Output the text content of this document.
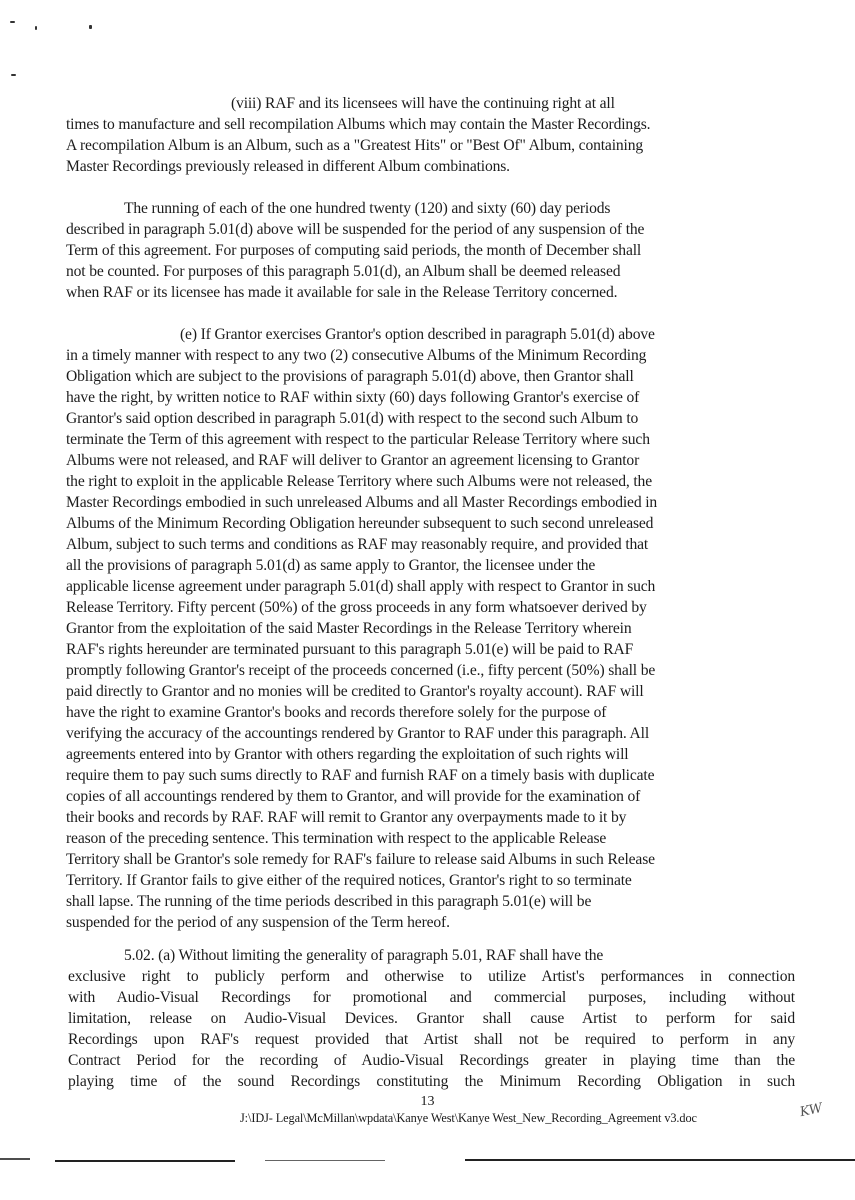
(viii) RAF and its licensees will have the continuing right at all
times to manufacture and sell recompilation Albums which may contain the Master Recordings.
A recompilation Album is an Album, such as a "Greatest Hits" or "Best Of" Album, containing
Master Recordings previously released in different Album combinations.
The running of each of the one hundred twenty (120) and sixty (60) day periods
described in paragraph 5.01(d) above will be suspended for the period of any suspension of the
Term of this agreement. For purposes of computing said periods, the month of December shall
not be counted. For purposes of this paragraph 5.01(d), an Album shall be deemed released
when RAF or its licensee has made it available for sale in the Release Territory concerned.
(e) If Grantor exercises Grantor's option described in paragraph 5.01(d) above
in a timely manner with respect to any two (2) consecutive Albums of the Minimum Recording
Obligation which are subject to the provisions of paragraph 5.01(d) above, then Grantor shall
have the right, by written notice to RAF within sixty (60) days following Grantor's exercise of
Grantor's said option described in paragraph 5.01(d) with respect to the second such Album to
terminate the Term of this agreement with respect to the particular Release Territory where such
Albums were not released, and RAF will deliver to Grantor an agreement licensing to Grantor
the right to exploit in the applicable Release Territory where such Albums were not released, the
Master Recordings embodied in such unreleased Albums and all Master Recordings embodied in
Albums of the Minimum Recording Obligation hereunder subsequent to such second unreleased
Album, subject to such terms and conditions as RAF may reasonably require, and provided that
all the provisions of paragraph 5.01(d) as same apply to Grantor, the licensee under the
applicable license agreement under paragraph 5.01(d) shall apply with respect to Grantor in such
Release Territory. Fifty percent (50%) of the gross proceeds in any form whatsoever derived by
Grantor from the exploitation of the said Master Recordings in the Release Territory wherein
RAF's rights hereunder are terminated pursuant to this paragraph 5.01(e) will be paid to RAF
promptly following Grantor's receipt of the proceeds concerned (i.e., fifty percent (50%) shall be
paid directly to Grantor and no monies will be credited to Grantor's royalty account). RAF will
have the right to examine Grantor's books and records therefore solely for the purpose of
verifying the accuracy of the accountings rendered by Grantor to RAF under this paragraph. All
agreements entered into by Grantor with others regarding the exploitation of such rights will
require them to pay such sums directly to RAF and furnish RAF on a timely basis with duplicate
copies of all accountings rendered by them to Grantor, and will provide for the examination of
their books and records by RAF. RAF will remit to Grantor any overpayments made to it by
reason of the preceding sentence. This termination with respect to the applicable Release
Territory shall be Grantor's sole remedy for RAF's failure to release said Albums in such Release
Territory. If Grantor fails to give either of the required notices, Grantor's right to so terminate
shall lapse. The running of the time periods described in this paragraph 5.01(e) will be
suspended for the period of any suspension of the Term hereof.
5.02. (a) Without limiting the generality of paragraph 5.01, RAF shall have the
exclusive right to publicly perform and otherwise to utilize Artist's performances in connection
with Audio-Visual Recordings for promotional and commercial purposes, including without
limitation, release on Audio-Visual Devices. Grantor shall cause Artist to perform for said
Recordings upon RAF's request provided that Artist shall not be required to perform in any
Contract Period for the recording of Audio-Visual Recordings greater in playing time than the
playing time of the sound Recordings constituting the Minimum Recording Obligation in such
13
J:\IDJ- Legal\McMillan\wpdata\Kanye West\Kanye West_New_Recording_Agreement v3.doc	KW
